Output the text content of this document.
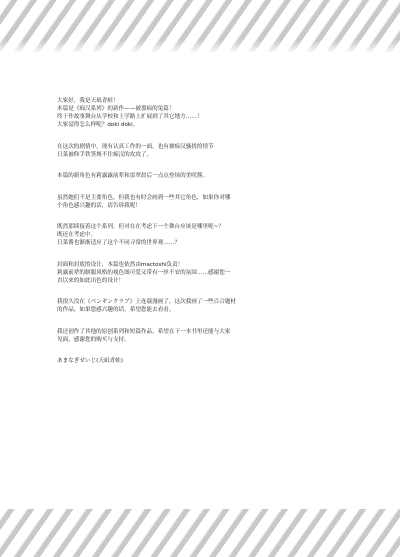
大家好，我是天凪青蛙！
本篇是《痴汉系列》的新作——被那痴的兔篇！
终于作故事舞台从学校和上学路上扩展到了其它地方……！
大家觉得怎么样呢？doki doki。
在这次的剧情中，现有认真工作的一面，也有被痴汉骚扰的情节
日菜被仰手铁签规不住痴汉的攻攻了。
本篇的新角色有莉露露前辈和雷翠晨后一点点登场的美咲酱。
虽然她们不是主要角色，但我也有时会画到一些其它角色，如果你对哪
个角色感兴趣的话，请告诉我呢！
既然那续接着这个系列，但对在在考虑下一个舞台应该是哪里呢~？
既还在考虑中。
日菜酱也渐渐适应了这个不同寻常的世界观……？
封面和封底的设计，本篇也依然由mactoshi负责！
莉露前辈的制服风格的视色图可爱又带有一丝不安的氛围……感谢您一
直以来的如此出色的设计！
我很久没在《ペンギンクラブ》上连载漫画了，这次我画了一些百合题材
的作品。如果您感兴趣的话，希望您能去看看。
我还创作了其他的原创系列和短篇作品，希望在下一本书里还能与大家
见面，感谢您的购买与支持。
あまなぎせいじ(天凪青蛙)
